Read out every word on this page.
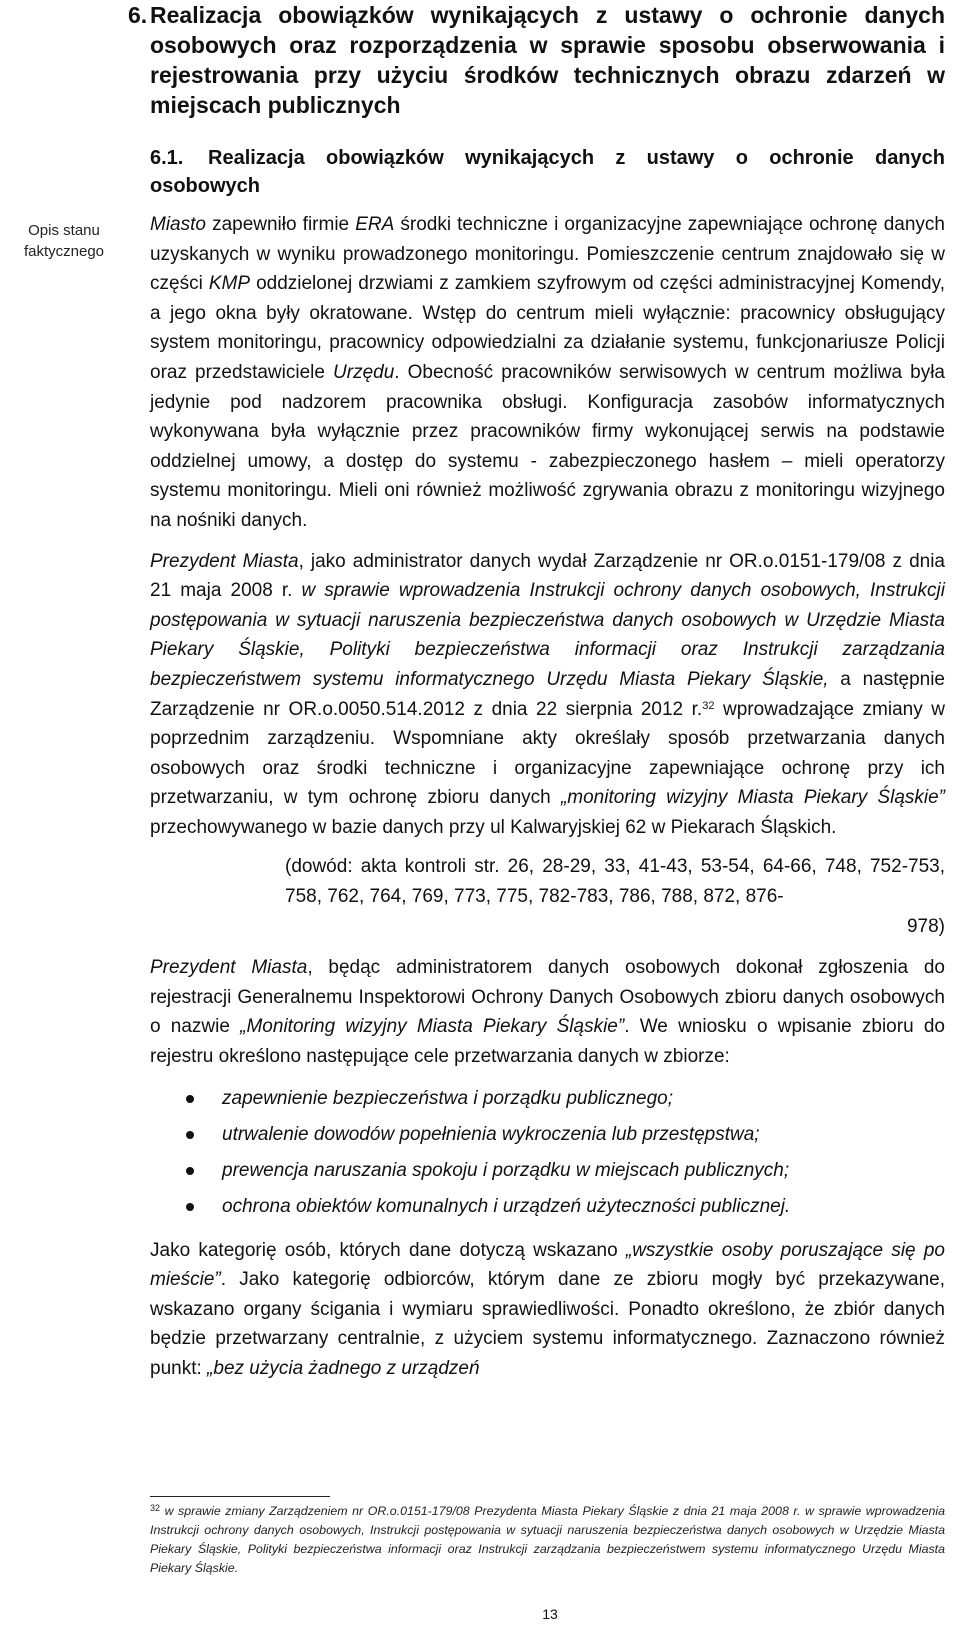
6. Realizacja obowiązków wynikających z ustawy o ochronie danych osobowych oraz rozporządzenia w sprawie sposobu obserwowania i rejestrowania przy użyciu środków technicznych obrazu zdarzeń w miejscach publicznych
6.1. Realizacja obowiązków wynikających z ustawy o ochronie danych osobowych
Opis stanu faktycznego

Miasto zapewniło firmie ERA środki techniczne i organizacyjne zapewniające ochronę danych uzyskanych w wyniku prowadzonego monitoringu. Pomieszczenie centrum znajdowało się w części KMP oddzielonej drzwiami z zamkiem szyfrowym od części administracyjnej Komendy, a jego okna były okratowane. Wstęp do centrum mieli wyłącznie: pracownicy obsługujący system monitoringu, pracownicy odpowiedzialni za działanie systemu, funkcjonariusze Policji oraz przedstawiciele Urzędu. Obecność pracowników serwisowych w centrum możliwa była jedynie pod nadzorem pracownika obsługi. Konfiguracja zasobów informatycznych wykonywana była wyłącznie przez pracowników firmy wykonującej serwis na podstawie oddzielnej umowy, a dostęp do systemu - zabezpieczonego hasłem – mieli operatorzy systemu monitoringu. Mieli oni również możliwość zgrywania obrazu z monitoringu wizyjnego na nośniki danych.

Prezydent Miasta, jako administrator danych wydał Zarządzenie nr OR.o.0151-179/08 z dnia 21 maja 2008 r. w sprawie wprowadzenia Instrukcji ochrony danych osobowych, Instrukcji postępowania w sytuacji naruszenia bezpieczeństwa danych osobowych w Urzędzie Miasta Piekary Śląskie, Polityki bezpieczeństwa informacji oraz Instrukcji zarządzania bezpieczeństwem systemu informatycznego Urzędu Miasta Piekary Śląskie, a następnie Zarządzenie nr OR.o.0050.514.2012 z dnia 22 sierpnia 2012 r.$^{32}$ wprowadzające zmiany w poprzednim zarządzeniu. Wspomniane akty określały sposób przetwarzania danych osobowych oraz środki techniczne i organizacyjne zapewniające ochronę przy ich przetwarzaniu, w tym ochronę zbioru danych „monitoring wizyjny Miasta Piekary Śląskie” przechowywanego w bazie danych przy ul Kalwaryjskiej 62 w Piekarach Śląskich.

(dowód: akta kontroli str. 26, 28-29, 33, 41-43, 53-54, 64-66, 748, 752-753, 758, 762, 764, 769, 773, 775, 782-783, 786, 788, 872, 876-
978)

Prezydent Miasta, będąc administratorem danych osobowych dokonał zgłoszenia do rejestracji Generalnemu Inspektorowi Ochrony Danych Osobowych zbioru danych osobowych o nazwie „Monitoring wizyjny Miasta Piekary Śląskie”. We wniosku o wpisanie zbioru do rejestru określono następujące cele przetwarzania danych w zbiorze:

zapewnienie bezpieczeństwa i porządku publicznego;
utrwalenie dowodów popełnienia wykroczenia lub przestępstwa;
prewencja naruszania spokoju i porządku w miejscach publicznych;
ochrona obiektów komunalnych i urządzeń użyteczności publicznej.

Jako kategorię osób, których dane dotyczą wskazano „wszystkie osoby poruszające się po mieście”. Jako kategorię odbiorców, którym dane ze zbioru mogły być przekazywane, wskazano organy ścigania i wymiaru sprawiedliwości. Ponadto określono, że zbiór danych będzie przetwarzany centralnie, z użyciem systemu informatycznego. Zaznaczono również punkt: „bez użycia żadnego z urządzeń

$^{32}$ w sprawie zmiany Zarządzeniem nr OR.o.0151-179/08 Prezydenta Miasta Piekary Śląskie z dnia 21 maja 2008 r. w sprawie wprowadzenia Instrukcji ochrony danych osobowych, Instrukcji postępowania w sytuacji naruszenia bezpieczeństwa danych osobowych w Urzędzie Miasta Piekary Śląskie, Polityki bezpieczeństwa informacji oraz Instrukcji zarządzania bezpieczeństwem systemu informatycznego Urzędu Miasta Piekary Śląskie.
13
